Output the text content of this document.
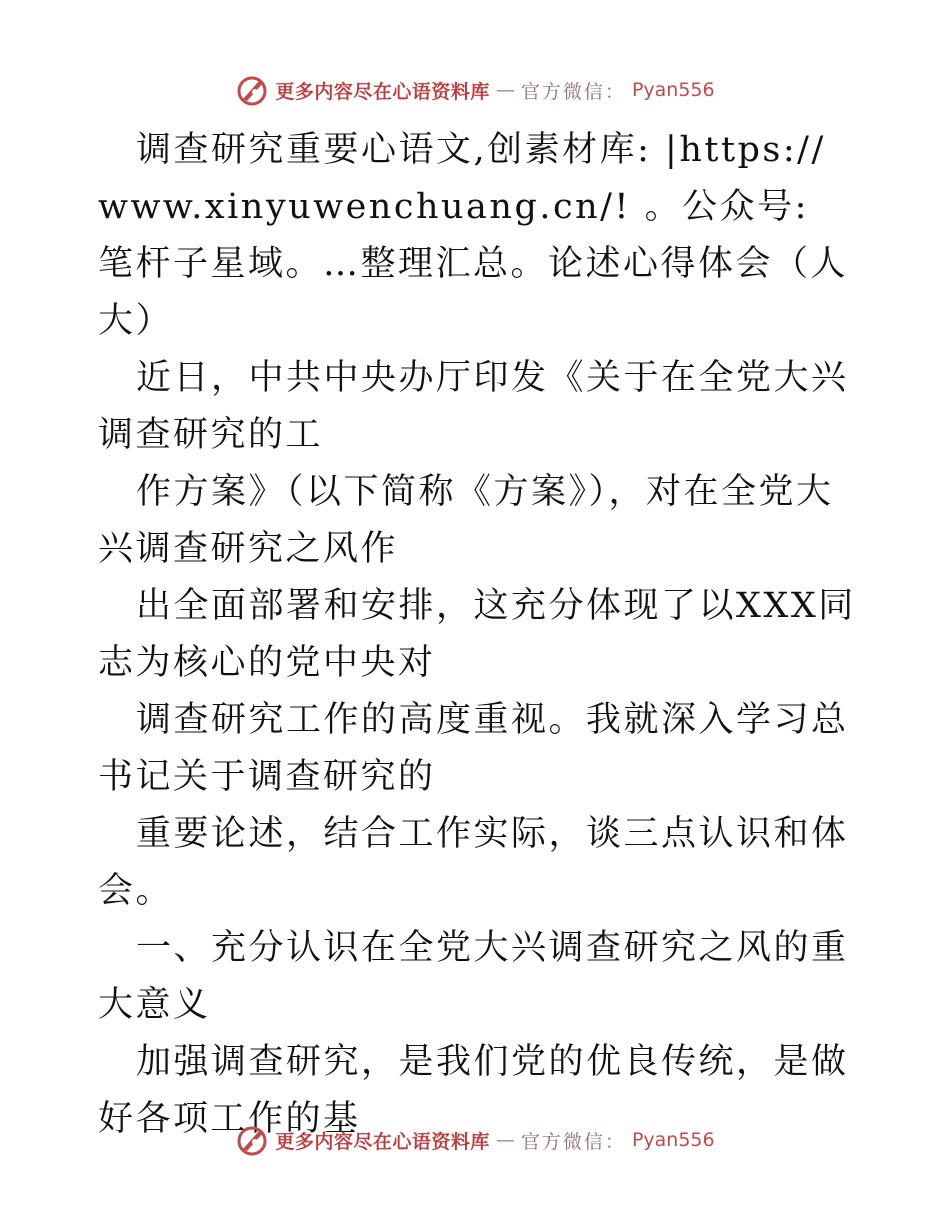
更多内容尽在心语资料库 — 官方微信： Pyan556

调查研究重要心语文,创素材库: |https:// www.xinyuwenchuang.cn/! 。公众号: 笔杆子星域。…整理汇总。论述心得体会（人大）

近日，中共中央办厅印发《关于在全党大兴调查研究的工

作方案》（以下简称《方案》），对在全党大兴调查研究之风作

出全面部署和安排，这充分体现了以XXX同志为核心的党中央对

调查研究工作的高度重视。我就深入学习总书记关于调查研究的

重要论述，结合工作实际，谈三点认识和体会。

一、充分认识在全党大兴调查研究之风的重大意义

加强调查研究，是我们党的优良传统，是做好各项工作的基

更多内容尽在心语资料库 — 官方微信： Pyan556
